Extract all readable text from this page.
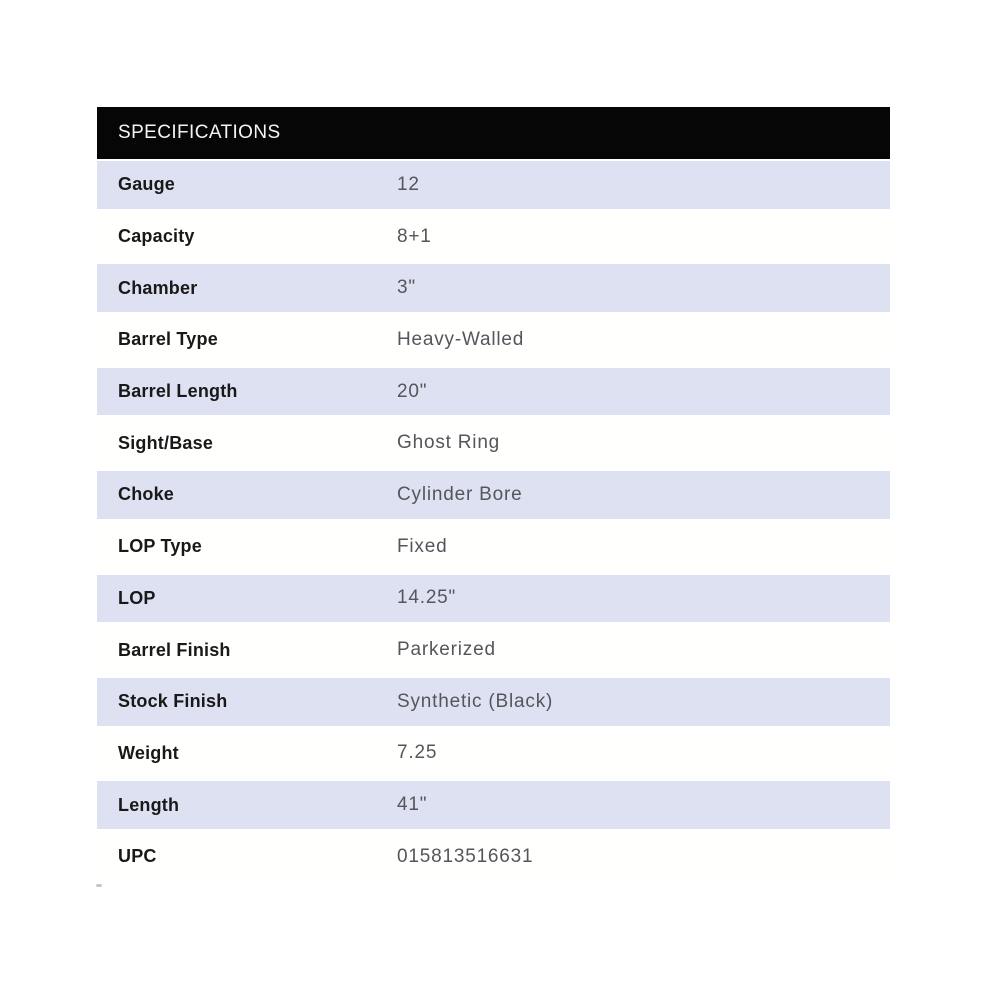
SPECIFICATIONS
Gauge	12
Capacity	8+1
Chamber	3"
Barrel Type	Heavy-Walled
Barrel Length	20"
Sight/Base	Ghost Ring
Choke	Cylinder Bore
LOP Type	Fixed
LOP	14.25"
Barrel Finish	Parkerized
Stock Finish	Synthetic (Black)
Weight	7.25
Length	41"
UPC	015813516631
